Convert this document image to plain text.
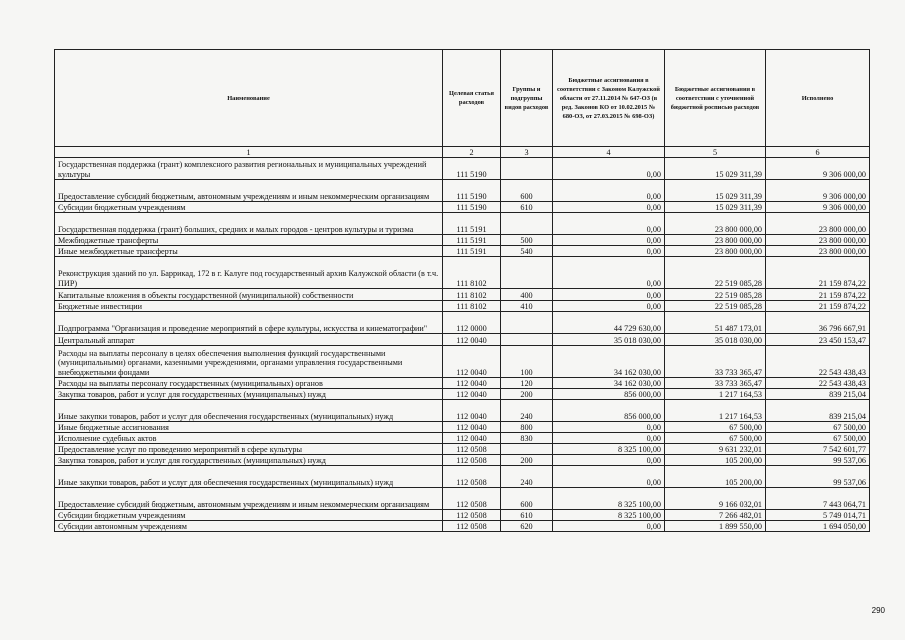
Наименование	Целевая статья расходов	Группы и подгруппы видов расходов	Бюджетные ассигнования в соответствии с Законом Калужской области от 27.11.2014 № 647-ОЗ (в ред. Законов КО от 10.02.2015 № 680-ОЗ, от 27.03.2015 № 698-ОЗ)	Бюджетные ассигнования в соответствии с уточненной бюджетной росписью расходов	Исполнено
1	2	3	4	5	6
Государственная поддержка (грант) комплексного развития региональных и муниципальных учреждений культуры	111 5190		0,00	15 029 311,39	9 306 000,00
Предоставление субсидий бюджетным, автономным учреждениям и иным некоммерческим организациям	111 5190	600	0,00	15 029 311,39	9 306 000,00
Субсидии бюджетным учреждениям	111 5190	610	0,00	15 029 311,39	9 306 000,00
Государственная поддержка (грант) больших, средних и малых городов - центров культуры и туризма	111 5191		0,00	23 800 000,00	23 800 000,00
Межбюджетные трансферты	111 5191	500	0,00	23 800 000,00	23 800 000,00
Иные межбюджетные трансферты	111 5191	540	0,00	23 800 000,00	23 800 000,00
Реконструкция зданий по ул. Баррикад, 172 в г. Калуге под государственный архив Калужской области (в т.ч. ПИР)	111 8102		0,00	22 519 085,28	21 159 874,22
Капитальные вложения в объекты государственной (муниципальной) собственности	111 8102	400	0,00	22 519 085,28	21 159 874,22
Бюджетные инвестиции	111 8102	410	0,00	22 519 085,28	21 159 874,22
Подпрограмма "Организация и проведение мероприятий в сфере культуры, искусства и кинематографии"	112 0000		44 729 630,00	51 487 173,01	36 796 667,91
Центральный аппарат	112 0040		35 018 030,00	35 018 030,00	23 450 153,47
Расходы на выплаты персоналу в целях обеспечения выполнения функций государственными (муниципальными) органами, казенными учреждениями, органами управления государственными внебюджетными фондами	112 0040	100	34 162 030,00	33 733 365,47	22 543 438,43
Расходы на выплаты персоналу государственных (муниципальных) органов	112 0040	120	34 162 030,00	33 733 365,47	22 543 438,43
Закупка товаров, работ и услуг для государственных (муниципальных) нужд	112 0040	200	856 000,00	1 217 164,53	839 215,04
Иные закупки товаров, работ и услуг для обеспечения государственных (муниципальных) нужд	112 0040	240	856 000,00	1 217 164,53	839 215,04
Иные бюджетные ассигнования	112 0040	800	0,00	67 500,00	67 500,00
Исполнение судебных актов	112 0040	830	0,00	67 500,00	67 500,00
Предоставление услуг по проведению мероприятий в сфере культуры	112 0508		8 325 100,00	9 631 232,01	7 542 601,77
Закупка товаров, работ и услуг для государственных (муниципальных) нужд	112 0508	200	0,00	105 200,00	99 537,06
Иные закупки товаров, работ и услуг для обеспечения государственных (муниципальных) нужд	112 0508	240	0,00	105 200,00	99 537,06
Предоставление субсидий бюджетным, автономным учреждениям и иным некоммерческим организациям	112 0508	600	8 325 100,00	9 166 032,01	7 443 064,71
Субсидии бюджетным учреждениям	112 0508	610	8 325 100,00	7 266 482,01	5 749 014,71
Субсидии автономным учреждениям	112 0508	620	0,00	1 899 550,00	1 694 050,00
290
